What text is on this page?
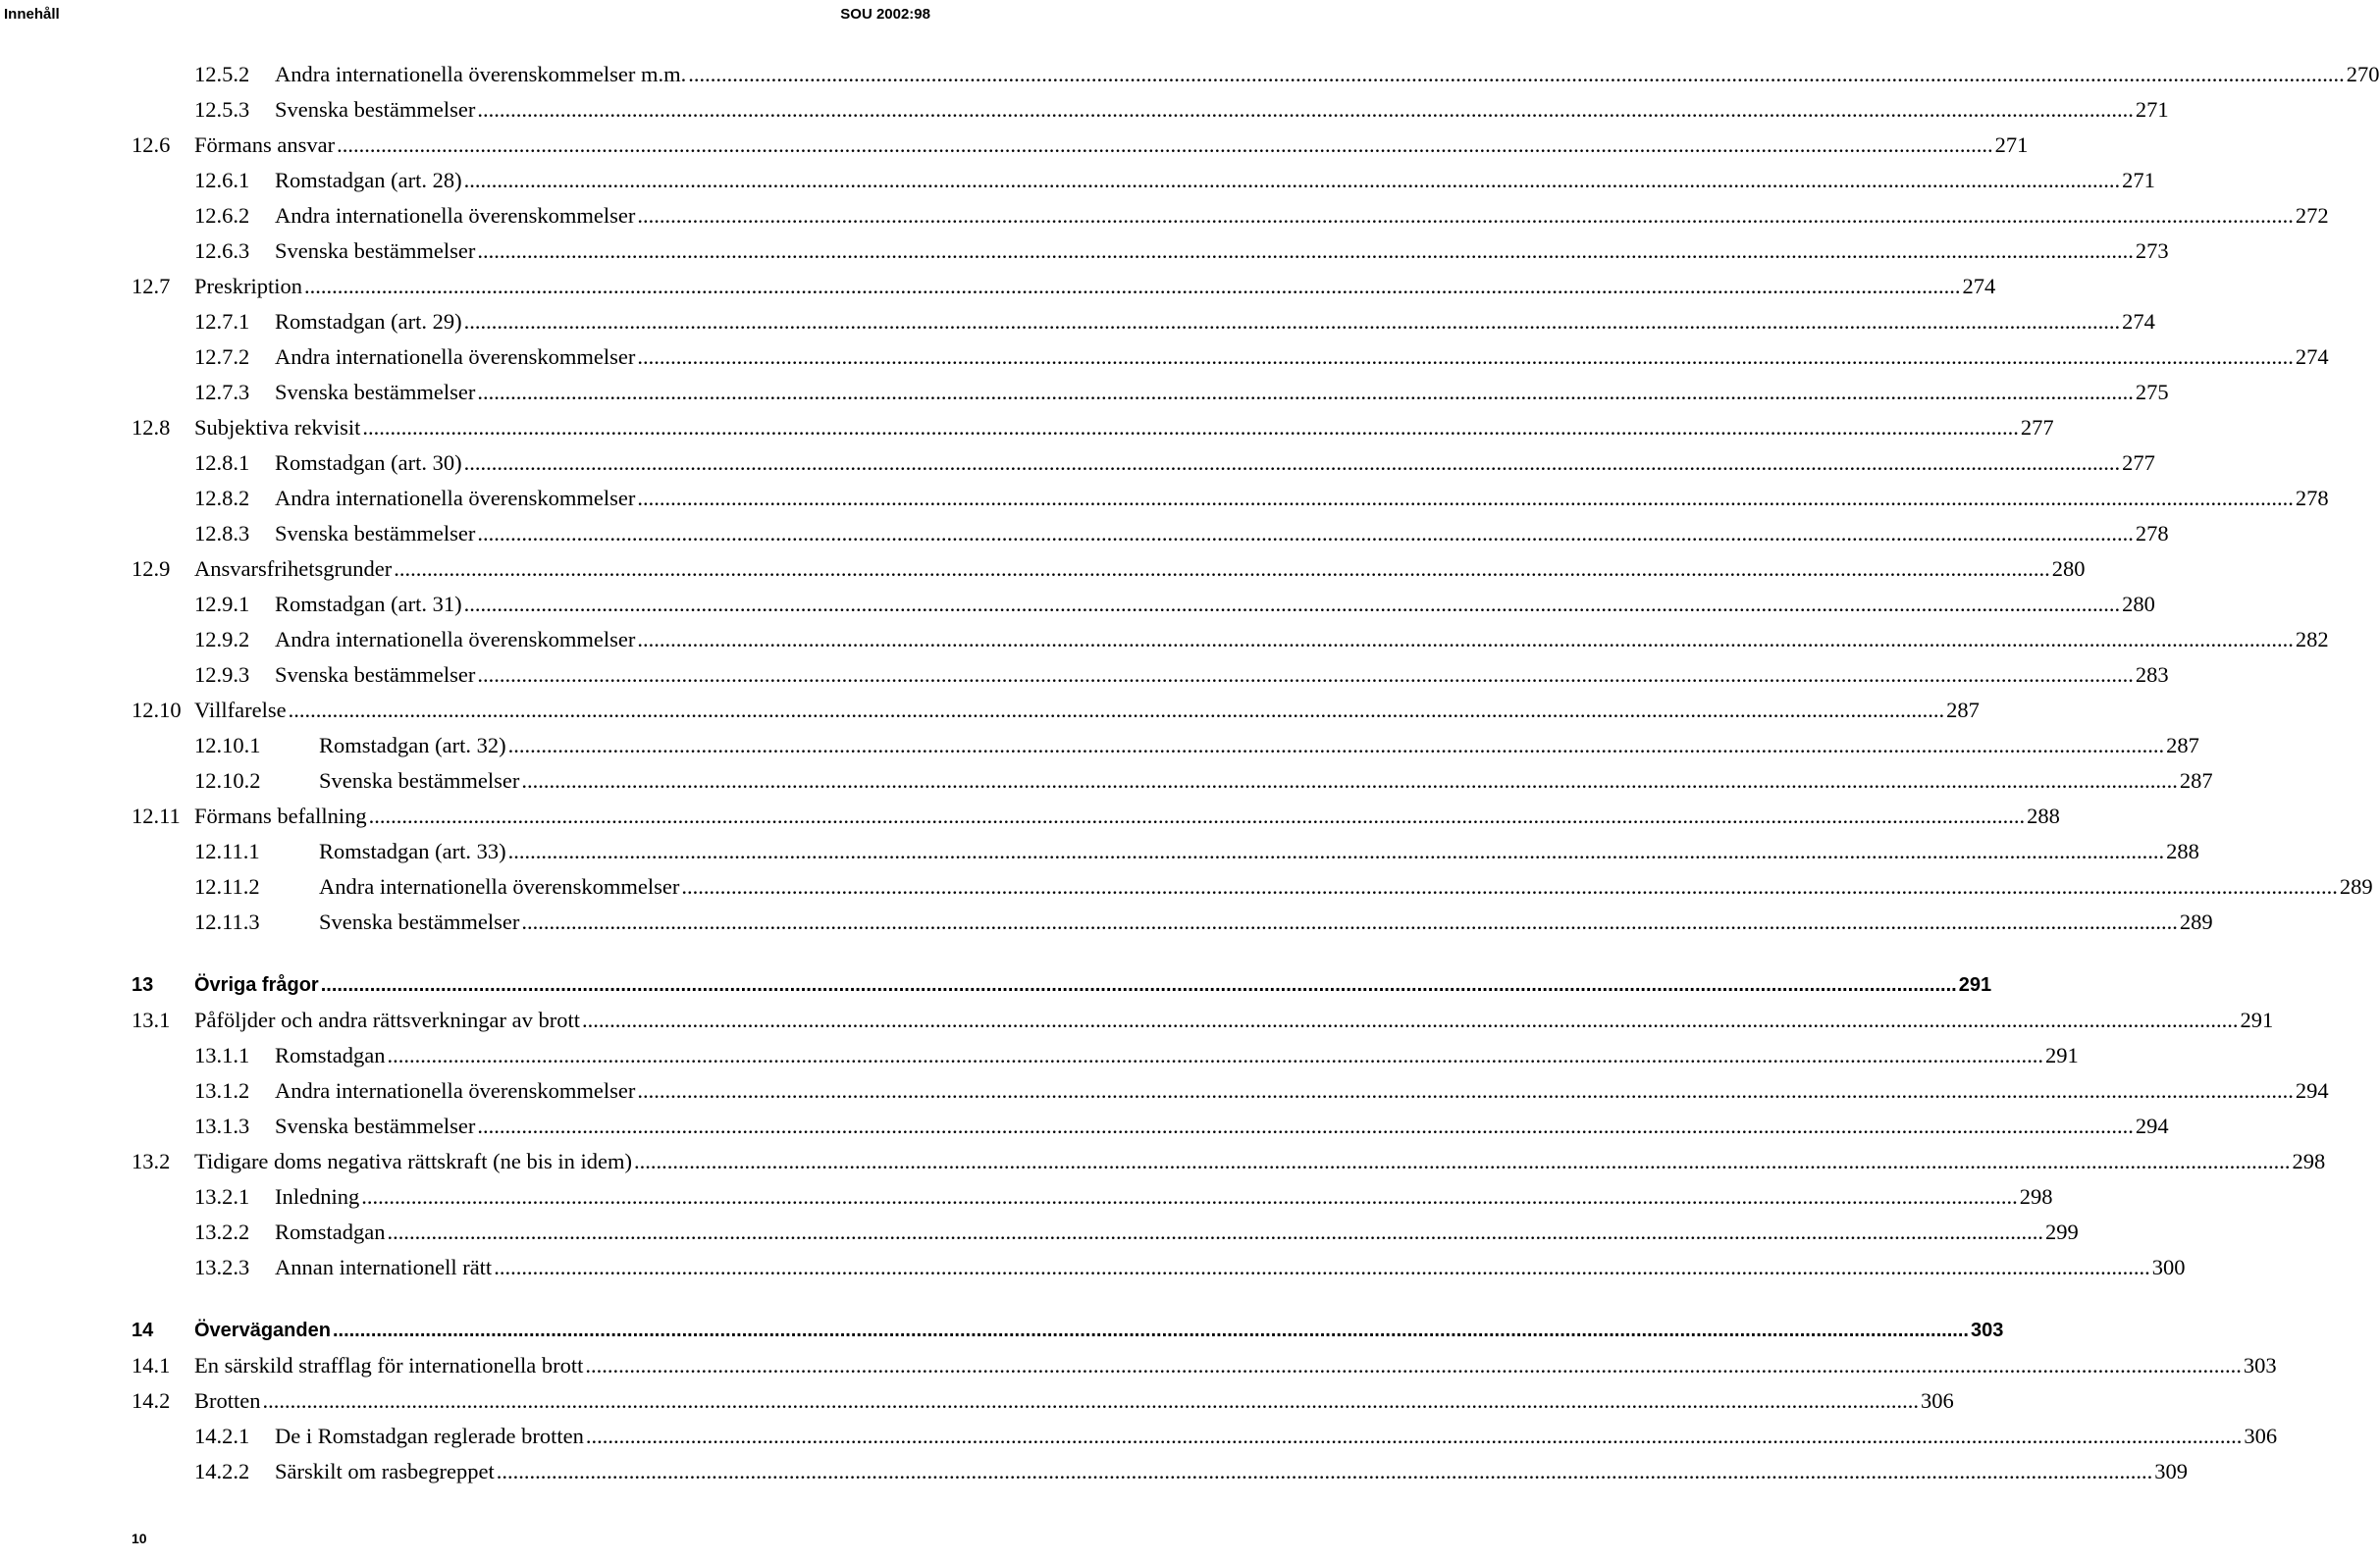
Innehåll	SOU 2002:98
12.5.2 Andra internationella överenskommelser m.m. ............................................................................................................................................................................................................................................................................................................ 270
12.5.3 Svenska bestämmelser ............................................................................................................................................................................................................................................................................................................ 271
12.6 Förmans ansvar ............................................................................................................................................................................................................................................................................................................ 271
12.6.1 Romstadgan (art. 28) ............................................................................................................................................................................................................................................................................................................ 271
12.6.2 Andra internationella överenskommelser ............................................................................................................................................................................................................................................................................................................ 272
12.6.3 Svenska bestämmelser ............................................................................................................................................................................................................................................................................................................ 273
12.7 Preskription ............................................................................................................................................................................................................................................................................................................ 274
12.7.1 Romstadgan (art. 29) ............................................................................................................................................................................................................................................................................................................ 274
12.7.2 Andra internationella överenskommelser ............................................................................................................................................................................................................................................................................................................ 274
12.7.3 Svenska bestämmelser ............................................................................................................................................................................................................................................................................................................ 275
12.8 Subjektiva rekvisit ............................................................................................................................................................................................................................................................................................................ 277
12.8.1 Romstadgan (art. 30) ............................................................................................................................................................................................................................................................................................................ 277
12.8.2 Andra internationella överenskommelser ............................................................................................................................................................................................................................................................................................................ 278
12.8.3 Svenska bestämmelser ............................................................................................................................................................................................................................................................................................................ 278
12.9 Ansvarsfrihetsgrunder ............................................................................................................................................................................................................................................................................................................ 280
12.9.1 Romstadgan (art. 31) ............................................................................................................................................................................................................................................................................................................ 280
12.9.2 Andra internationella överenskommelser ............................................................................................................................................................................................................................................................................................................ 282
12.9.3 Svenska bestämmelser ............................................................................................................................................................................................................................................................................................................ 283
12.10 Villfarelse ............................................................................................................................................................................................................................................................................................................ 287
12.10.1	Romstadgan (art. 32) ............................................................................................................................................................................................................................................................................................................ 287
12.10.2	Svenska bestämmelser ............................................................................................................................................................................................................................................................................................................ 287
12.11 Förmans befallning ............................................................................................................................................................................................................................................................................................................ 288
12.11.1	Romstadgan (art. 33) ............................................................................................................................................................................................................................................................................................................ 288
12.11.2	Andra internationella överenskommelser ............................................................................................................................................................................................................................................................................................................ 289
12.11.3	Svenska bestämmelser ............................................................................................................................................................................................................................................................................................................ 289
13 Övriga frågor ............................................................................................................................................................................................................................................................................................................ 291
13.1 Påföljder och andra rättsverkningar av brott ............................................................................................................................................................................................................................................................................................................ 291
13.1.1 Romstadgan ............................................................................................................................................................................................................................................................................................................ 291
13.1.2 Andra internationella överenskommelser ............................................................................................................................................................................................................................................................................................................ 294
13.1.3 Svenska bestämmelser ............................................................................................................................................................................................................................................................................................................ 294
13.2 Tidigare doms negativa rättskraft (ne bis in idem) ............................................................................................................................................................................................................................................................................................................ 298
13.2.1 Inledning ............................................................................................................................................................................................................................................................................................................ 298
13.2.2 Romstadgan ............................................................................................................................................................................................................................................................................................................ 299
13.2.3 Annan internationell rätt ............................................................................................................................................................................................................................................................................................................ 300
14 Överväganden ............................................................................................................................................................................................................................................................................................................ 303
14.1 En särskild strafflag för internationella brott ............................................................................................................................................................................................................................................................................................................ 303
14.2 Brotten ............................................................................................................................................................................................................................................................................................................ 306
14.2.1 De i Romstadgan reglerade brotten ............................................................................................................................................................................................................................................................................................................ 306
14.2.2 Särskilt om rasbegreppet ............................................................................................................................................................................................................................................................................................................ 309
10
